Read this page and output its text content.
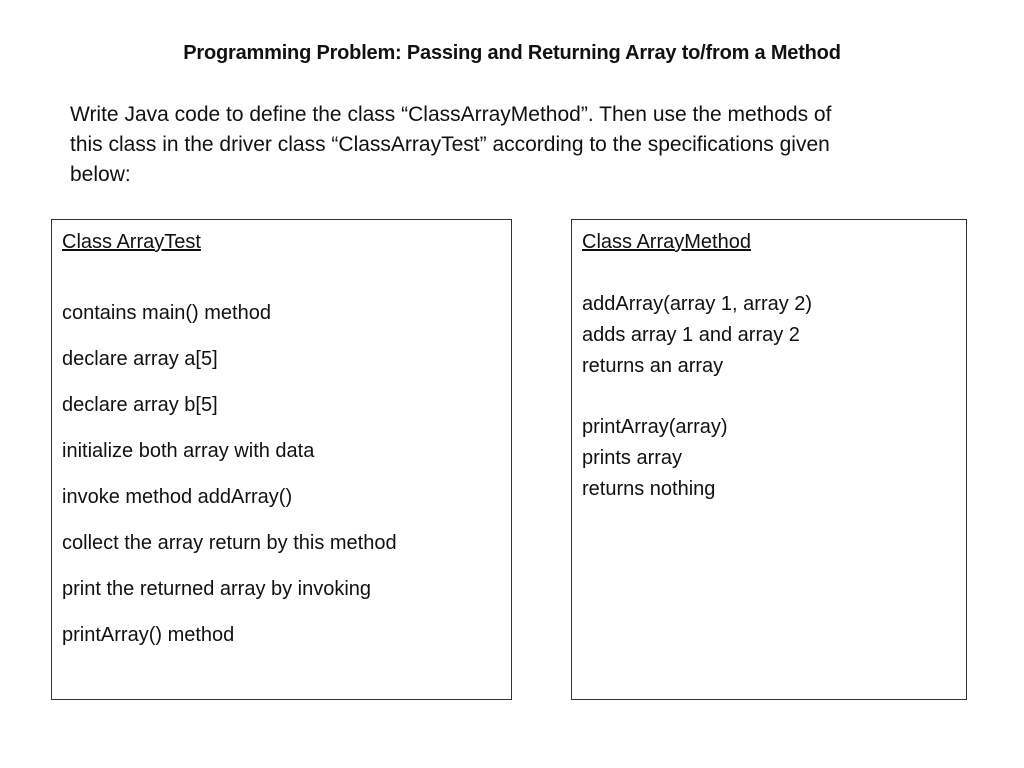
Programming Problem: Passing and Returning Array to/from a Method
Write Java code to define the class “ClassArrayMethod”. Then use the methods of
this class in the driver class “ClassArrayTest” according to the specifications given
below:
Class ArrayTest
contains main() method
declare array a[5]
declare array b[5]
initialize both array with data
invoke method addArray()
collect the array return by this method
print the returned array by invoking
printArray() method
Class ArrayMethod
addArray(array 1, array 2)
adds array 1 and array 2
returns an array
printArray(array)
prints array
returns nothing
